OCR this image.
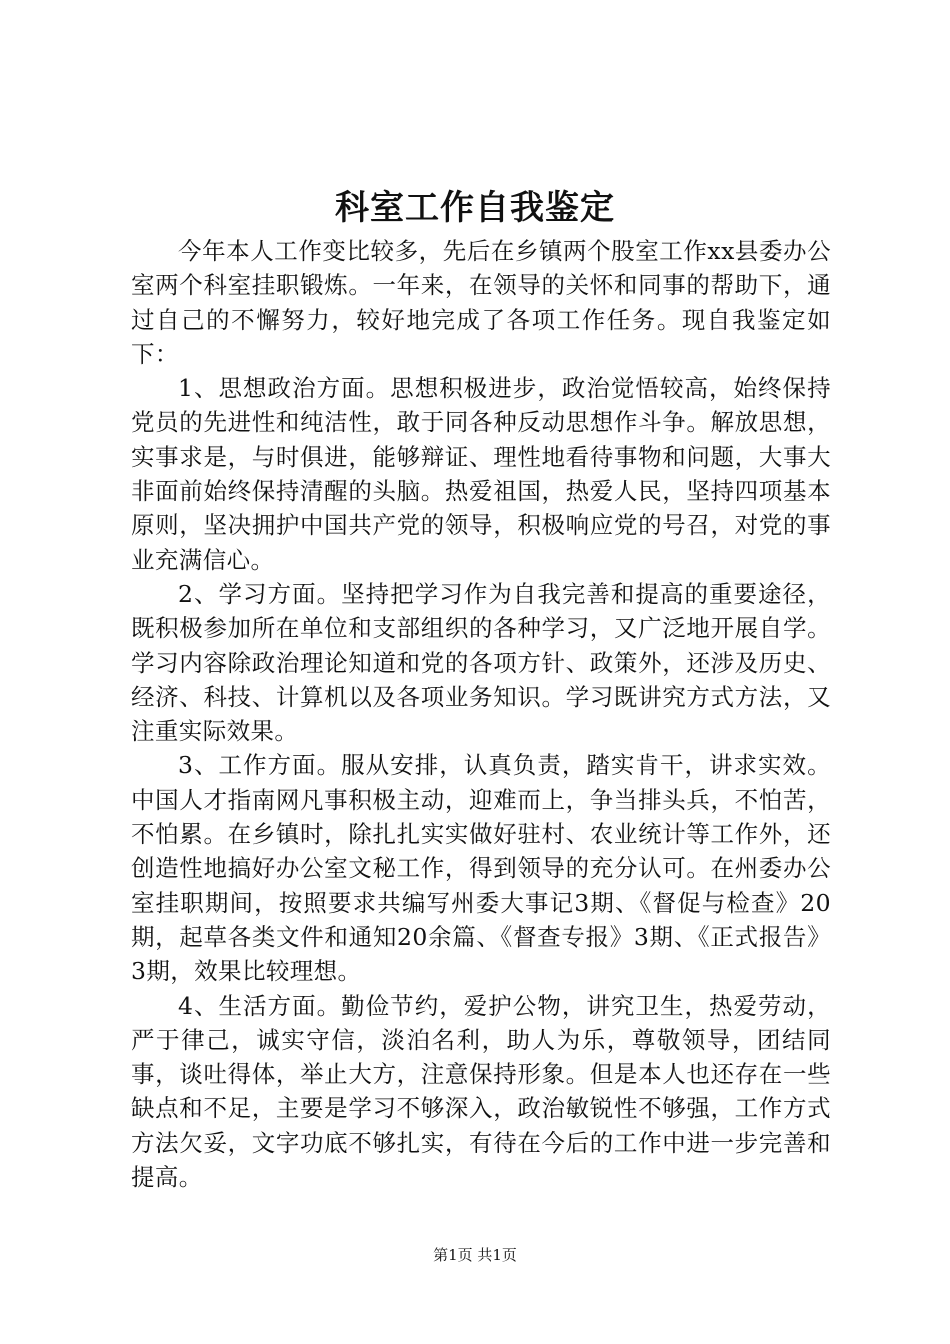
科室工作自我鉴定

今年本人工作变比较多，先后在乡镇两个股室工作xx县委办公室两个科室挂职锻炼。一年来，在领导的关怀和同事的帮助下，通过自己的不懈努力，较好地完成了各项工作任务。现自我鉴定如下：

1、思想政治方面。思想积极进步，政治觉悟较高，始终保持党员的先进性和纯洁性，敢于同各种反动思想作斗争。解放思想，实事求是，与时俱进，能够辩证、理性地看待事物和问题，大事大非面前始终保持清醒的头脑。热爱祖国，热爱人民，坚持四项基本原则，坚决拥护中国共产党的领导，积极响应党的号召，对党的事业充满信心。

2、学习方面。坚持把学习作为自我完善和提高的重要途径，既积极参加所在单位和支部组织的各种学习，又广泛地开展自学。学习内容除政治理论知道和党的各项方针、政策外，还涉及历史、经济、科技、计算机以及各项业务知识。学习既讲究方式方法，又注重实际效果。

3、工作方面。服从安排，认真负责，踏实肯干，讲求实效。中国人才指南网凡事积极主动，迎难而上，争当排头兵，不怕苦，不怕累。在乡镇时，除扎扎实实做好驻村、农业统计等工作外，还创造性地搞好办公室文秘工作，得到领导的充分认可。在州委办公室挂职期间，按照要求共编写州委大事记3期、《督促与检查》20期，起草各类文件和通知20余篇、《督查专报》3期、《正式报告》3期，效果比较理想。

4、生活方面。勤俭节约，爱护公物，讲究卫生，热爱劳动，严于律己，诚实守信，淡泊名利，助人为乐，尊敬领导，团结同事，谈吐得体，举止大方，注意保持形象。但是本人也还存在一些缺点和不足，主要是学习不够深入，政治敏锐性不够强，工作方式方法欠妥，文字功底不够扎实，有待在今后的工作中进一步完善和提高。

第1页 共1页
